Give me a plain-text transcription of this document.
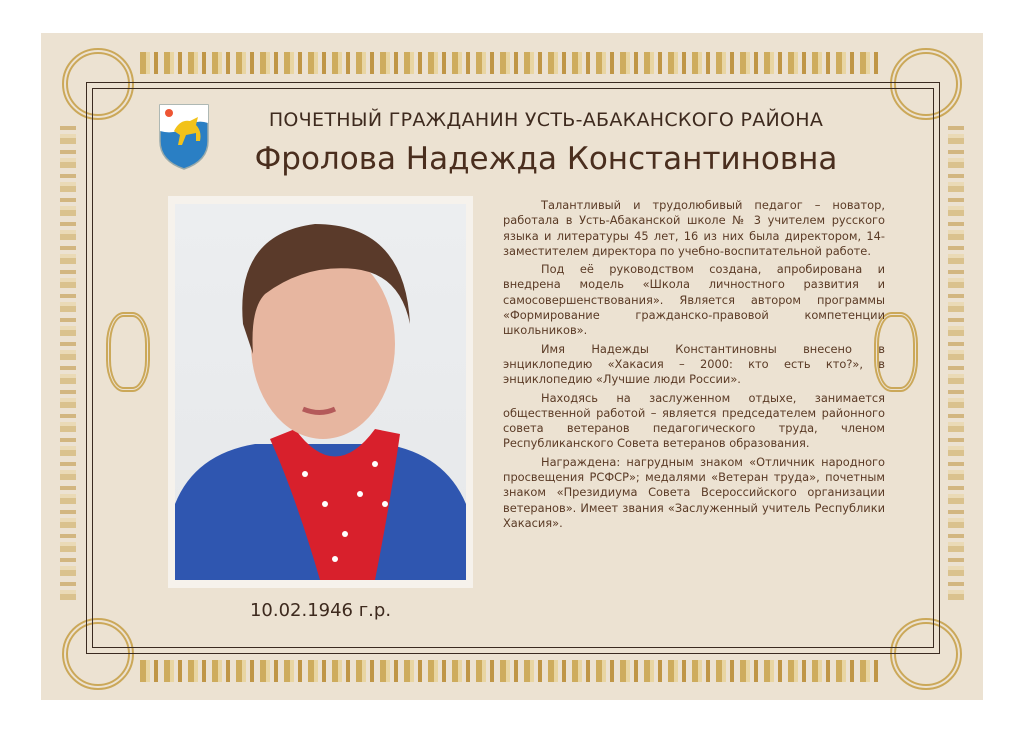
ПОЧЕТНЫЙ ГРАЖДАНИН УСТЬ-АБАКАНСКОГО РАЙОНА
Фролова Надежда Константиновна
10.02.1946 г.р.

Талантливый и трудолюбивый педагог – новатор, работала в Усть-Абаканской школе № 3 учителем русского языка и литературы 45 лет, 16 из них была директором, 14- заместителем директора по учебно-воспитательной работе.

Под её руководством создана, апробирована и внедрена модель «Школа личностного развития и самосовершенствования». Является автором программы «Формирование гражданско-правовой компетенции школьников».

Имя Надежды Константиновны внесено в энциклопедию «Хакасия – 2000: кто есть кто?», в энциклопедию «Лучшие люди России».

Находясь на заслуженном отдыхе, занимается общественной работой – является председателем районного совета ветеранов педагогического труда, членом Республиканского Совета ветеранов образования.

Награждена: нагрудным знаком «Отличник народного просвещения РСФСР»; медалями «Ветеран труда», почетным знаком «Президиума Совета Всероссийского организации ветеранов». Имеет звания «Заслуженный учитель Республики Хакасия».
